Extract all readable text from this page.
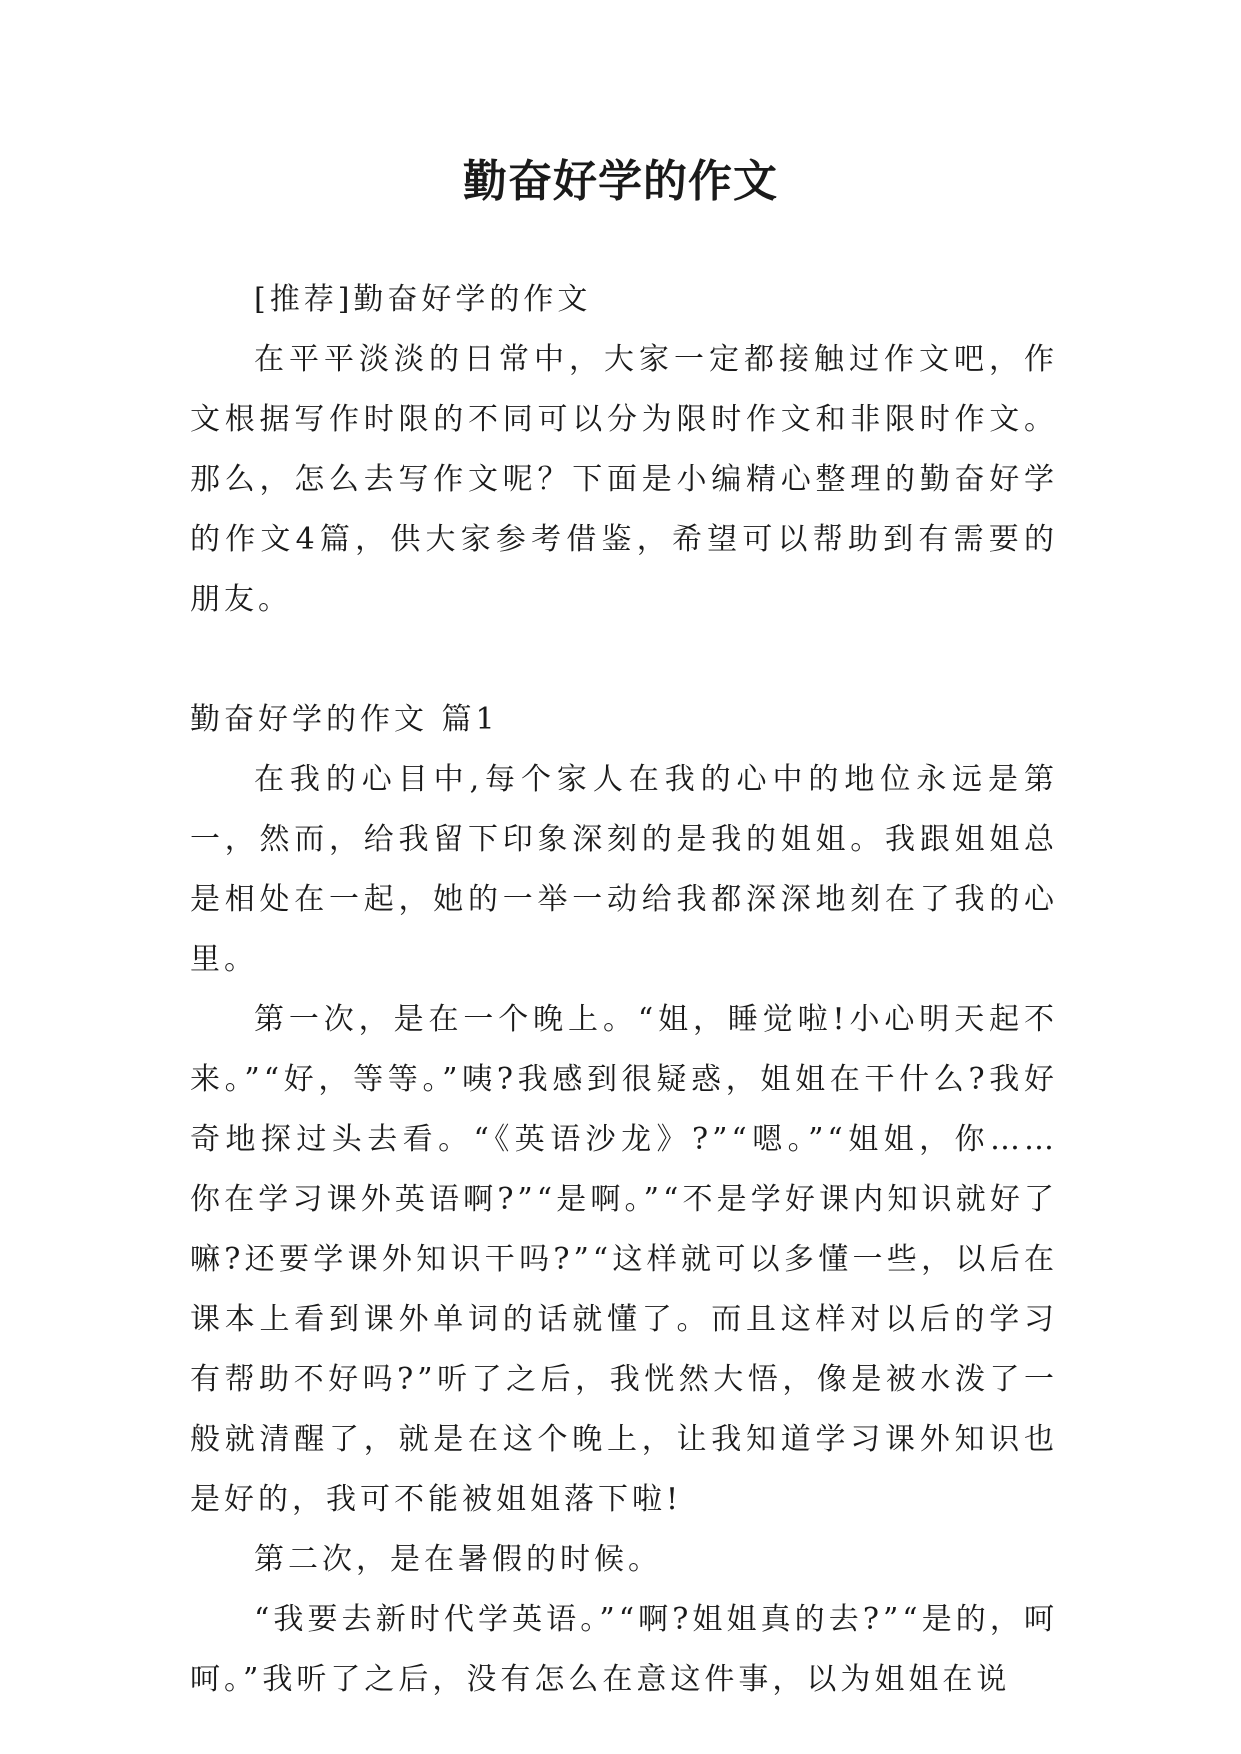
勤奋好学的作文

[推荐]勤奋好学的作文

在平平淡淡的日常中，大家一定都接触过作文吧，作文根据写作时限的不同可以分为限时作文和非限时作文。那么，怎么去写作文呢？下面是小编精心整理的勤奋好学的作文4篇，供大家参考借鉴，希望可以帮助到有需要的朋友。

勤奋好学的作文 篇1

在我的心目中,每个家人在我的心中的地位永远是第一，然而，给我留下印象深刻的是我的姐姐。我跟姐姐总是相处在一起，她的一举一动给我都深深地刻在了我的心里。

第一次，是在一个晚上。“姐，睡觉啦!小心明天起不来。”“好，等等。”咦?我感到很疑惑，姐姐在干什么?我好奇地探过头去看。“《英语沙龙》?”“嗯。”“姐姐，你……你在学习课外英语啊?”“是啊。”“不是学好课内知识就好了嘛?还要学课外知识干吗?”“这样就可以多懂一些，以后在课本上看到课外单词的话就懂了。而且这样对以后的学习有帮助不好吗?”听了之后，我恍然大悟，像是被水泼了一般就清醒了，就是在这个晚上，让我知道学习课外知识也是好的，我可不能被姐姐落下啦!

第二次，是在暑假的时候。

“我要去新时代学英语。”“啊?姐姐真的去?”“是的，呵呵。”我听了之后，没有怎么在意这件事，以为姐姐在说
